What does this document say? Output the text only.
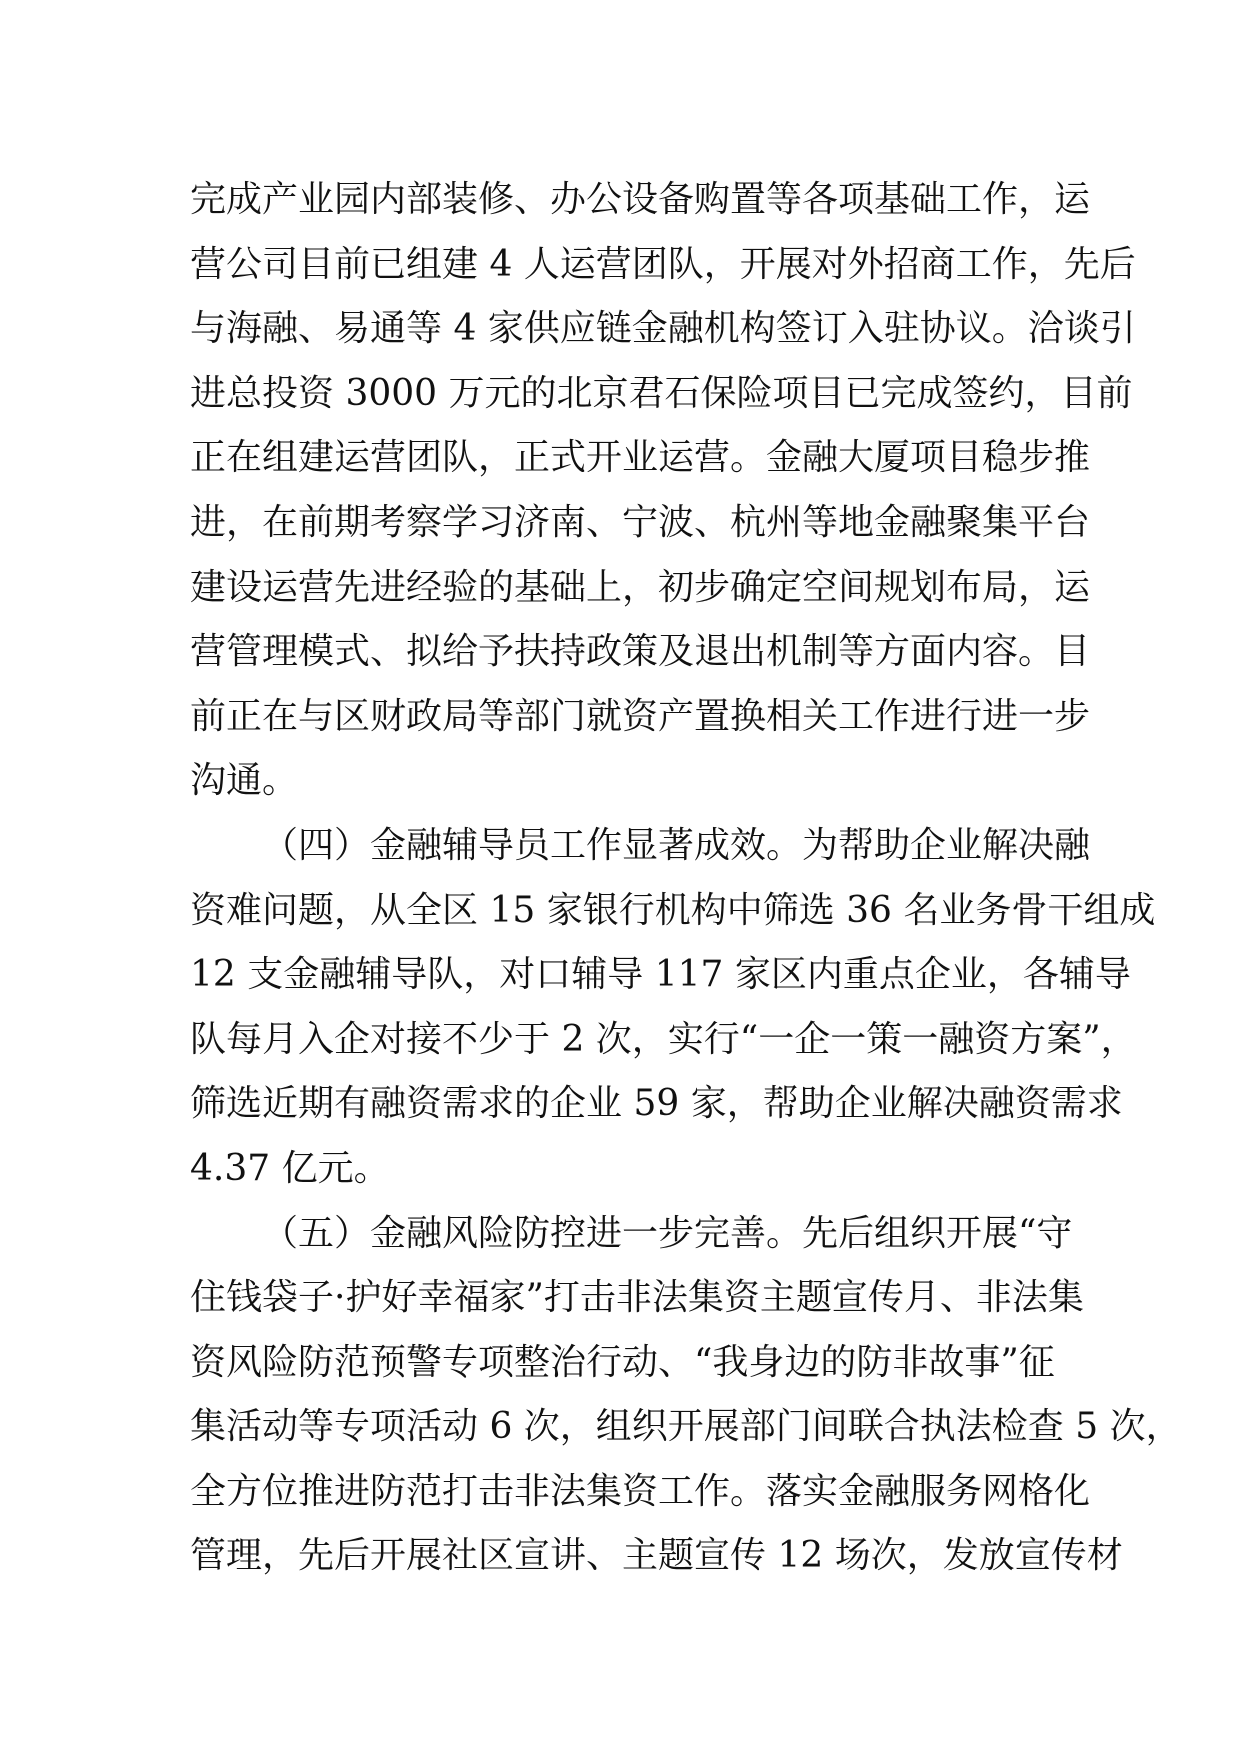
完成产业园内部装修、办公设备购置等各项基础工作，运
营公司目前已组建 4 人运营团队，开展对外招商工作，先后
与海融、易通等 4 家供应链金融机构签订入驻协议。洽谈引
进总投资 3000 万元的北京君石保险项目已完成签约，目前
正在组建运营团队，正式开业运营。金融大厦项目稳步推
进，在前期考察学习济南、宁波、杭州等地金融聚集平台
建设运营先进经验的基础上，初步确定空间规划布局，运
营管理模式、拟给予扶持政策及退出机制等方面内容。目
前正在与区财政局等部门就资产置换相关工作进行进一步
沟通。
（四）金融辅导员工作显著成效。为帮助企业解决融
资难问题，从全区 15 家银行机构中筛选 36 名业务骨干组成
12 支金融辅导队，对口辅导 117 家区内重点企业，各辅导
队每月入企对接不少于 2 次，实行“一企一策一融资方案”，
筛选近期有融资需求的企业 59 家，帮助企业解决融资需求
4.37 亿元。
（五）金融风险防控进一步完善。先后组织开展“守
住钱袋子·护好幸福家”打击非法集资主题宣传月、非法集
资风险防范预警专项整治行动、“我身边的防非故事”征
集活动等专项活动 6 次，组织开展部门间联合执法检查 5 次，
全方位推进防范打击非法集资工作。落实金融服务网格化
管理，先后开展社区宣讲、主题宣传 12 场次，发放宣传材
